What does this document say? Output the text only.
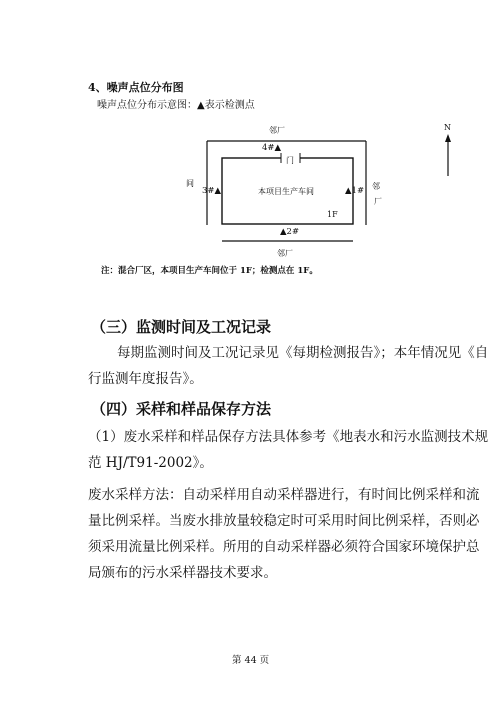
4、噪声点位分布图
噪声点位分布示意图：▲表示检测点
N
邻厂
4#▲
门
间
3#▲	本项目生产车间	▲1# 邻
厂
1F
▲2#
邻厂
注：混合厂区，本项目生产车间位于 1F；检测点在 1F。
（三）监测时间及工况记录
每期监测时间及工况记录见《每期检测报告》；本年情况见《自
行监测年度报告》。
（四）采样和样品保存方法
（1）废水采样和样品保存方法具体参考《地表水和污水监测技术规
范 HJ/T91-2002》。
废水采样方法：自动采样用自动采样器进行，有时间比例采样和流
量比例采样。当废水排放量较稳定时可采用时间比例采样，否则必
须采用流量比例采样。所用的自动采样器必须符合国家环境保护总
局颁布的污水采样器技术要求。
第 44 页
